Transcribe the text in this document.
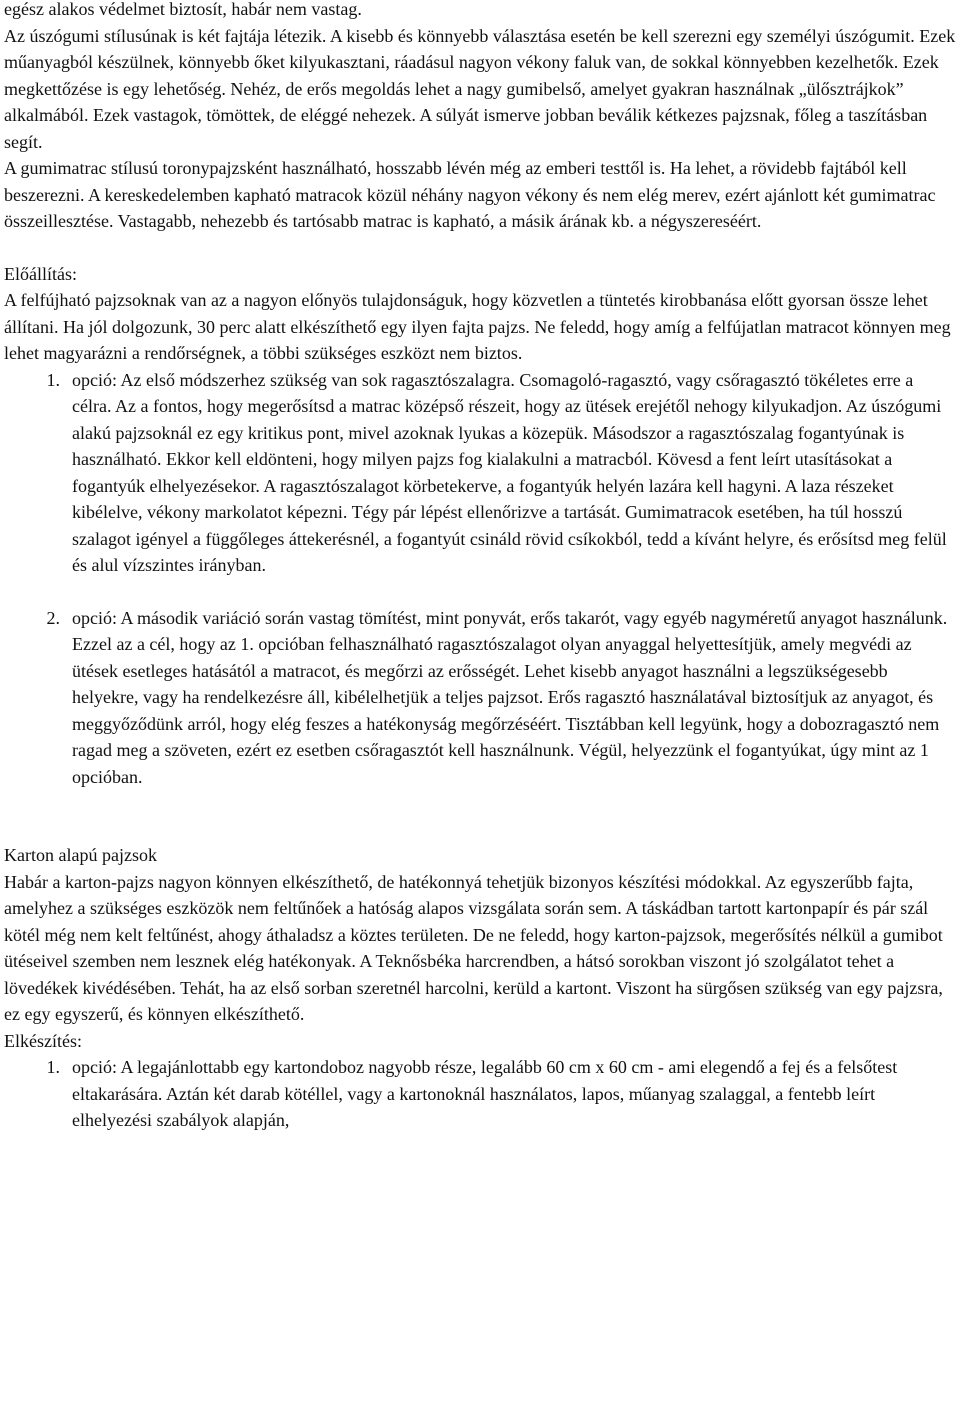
egész alakos védelmet biztosít, habár nem vastag.

Az úszógumi stílusúnak is két fajtája létezik. A kisebb és könnyebb választása esetén be kell szerezni egy személyi úszógumit. Ezek műanyagból készülnek, könnyebb őket kilyukasztani, ráadásul nagyon vékony faluk van, de sokkal könnyebben kezelhetők. Ezek megkettőzése is egy lehetőség. Nehéz, de erős megoldás lehet a nagy gumibelső, amelyet gyakran használnak „ülősztrájkok” alkalmából. Ezek vastagok, tömöttek, de eléggé nehezek. A súlyát ismerve jobban beválik kétkezes pajzsnak, főleg a taszításban segít.

A gumimatrac stílusú toronypajzsként használható, hosszabb lévén még az emberi testtől is. Ha lehet, a rövidebb fajtából kell beszerezni. A kereskedelemben kapható matracok közül néhány nagyon vékony és nem elég merev, ezért ajánlott két gumimatrac összeillesztése. Vastagabb, nehezebb és tartósabb matrac is kapható, a másik árának kb. a négyszereséért.

Előállítás:

A felfújható pajzsoknak van az a nagyon előnyös tulajdonságuk, hogy közvetlen a tüntetés kirobbanása előtt gyorsan össze lehet állítani. Ha jól dolgozunk, 30 perc alatt elkészíthető egy ilyen fajta pajzs. Ne feledd, hogy amíg a felfújatlan matracot könnyen meg lehet magyarázni a rendőrségnek, a többi szükséges eszközt nem biztos.

1. opció: Az első módszerhez szükség van sok ragasztószalagra. Csomagoló-ragasztó, vagy csőragasztó tökéletes erre a célra. Az a fontos, hogy megerősítsd a matrac középső részeit, hogy az ütések erejétől nehogy kilyukadjon. Az úszógumi alakú pajzsoknál ez egy kritikus pont, mivel azoknak lyukas a közepük. Másodszor a ragasztószalag fogantyúnak is használható. Ekkor kell eldönteni, hogy milyen pajzs fog kialakulni a matracból. Kövesd a fent leírt utasításokat a fogantyúk elhelyezésekor. A ragasztószalagot körbetekerve, a fogantyúk helyén lazára kell hagyni. A laza részeket kibélelve, vékony markolatot képezni. Tégy pár lépést ellenőrizve a tartását. Gumimatracok esetében, ha túl hosszú szalagot igényel a függőleges áttekerésnél, a fogantyút csináld rövid csíkokból, tedd a kívánt helyre, és erősítsd meg felül és alul vízszintes irányban.
2. opció: A második variáció során vastag tömítést, mint ponyvát, erős takarót, vagy egyéb nagyméretű anyagot használunk. Ezzel az a cél, hogy az 1. opcióban felhasználható ragasztószalagot olyan anyaggal helyettesítjük, amely megvédi az ütések esetleges hatásától a matracot, és megőrzi az erősségét. Lehet kisebb anyagot használni a legszükségesebb helyekre, vagy ha rendelkezésre áll, kibélelhetjük a teljes pajzsot. Erős ragasztó használatával biztosítjuk az anyagot, és meggyőződünk arról, hogy elég feszes a hatékonyság megőrzéséért. Tisztábban kell legyünk, hogy a dobozragasztó nem ragad meg a szöveten, ezért ez esetben csőragasztót kell használnunk. Végül, helyezzünk el fogantyúkat, úgy mint az 1 opcióban.

Karton alapú pajzsok

Habár a karton-pajzs nagyon könnyen elkészíthető, de hatékonnyá tehetjük bizonyos készítési módokkal. Az egyszerűbb fajta, amelyhez a szükséges eszközök nem feltűnőek a hatóság alapos vizsgálata során sem. A táskádban tartott kartonpapír és pár szál kötél még nem kelt feltűnést, ahogy áthaladsz a köztes területen. De ne feledd, hogy karton-pajzsok, megerősítés nélkül a gumibot ütéseivel szemben nem lesznek elég hatékonyak. A Teknősbéka harcrendben, a hátsó sorokban viszont jó szolgálatot tehet a lövedékek kivédésében. Tehát, ha az első sorban szeretnél harcolni, kerüld a kartont. Viszont ha sürgősen szükség van egy pajzsra, ez egy egyszerű, és könnyen elkészíthető.

Elkészítés:

1. opció: A legajánlottabb egy kartondoboz nagyobb része, legalább 60 cm x 60 cm - ami elegendő a fej és a felsőtest eltakarására. Aztán két darab kötéllel, vagy a kartonoknál használatos, lapos, műanyag szalaggal, a fentebb leírt elhelyezési szabályok alapján,
